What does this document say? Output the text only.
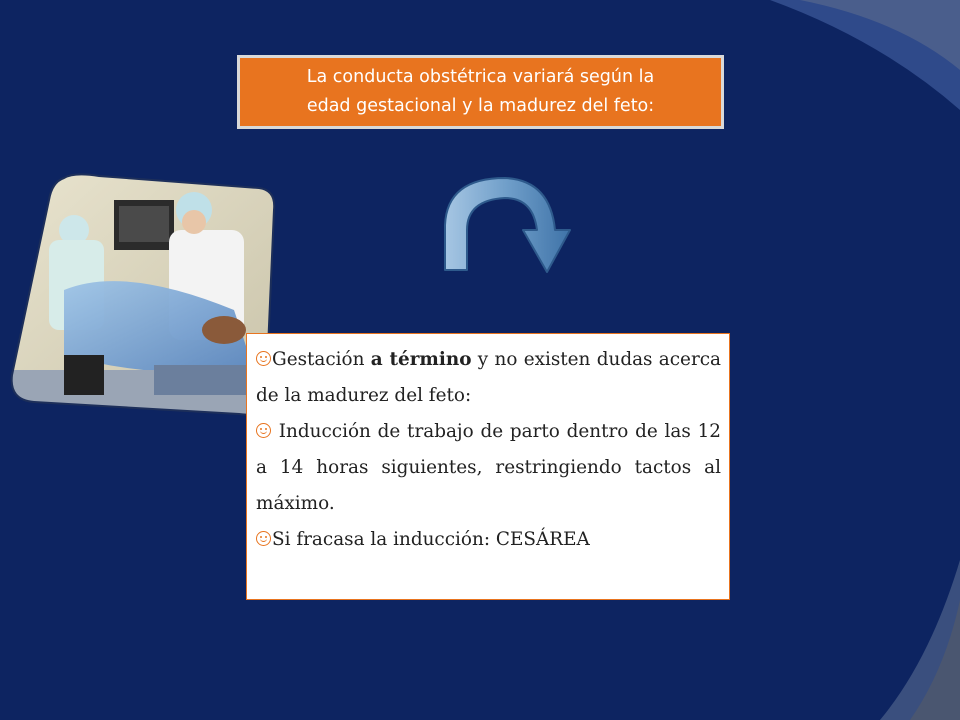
La conducta obstétrica variará según la
edad gestacional y la madurez del feto:

Gestación a término y no existen dudas acerca de la madurez del feto:

Inducción de trabajo de parto dentro de las 12 a 14 horas siguientes, restringiendo tactos al máximo.

Si fracasa la inducción: CESÁREA
